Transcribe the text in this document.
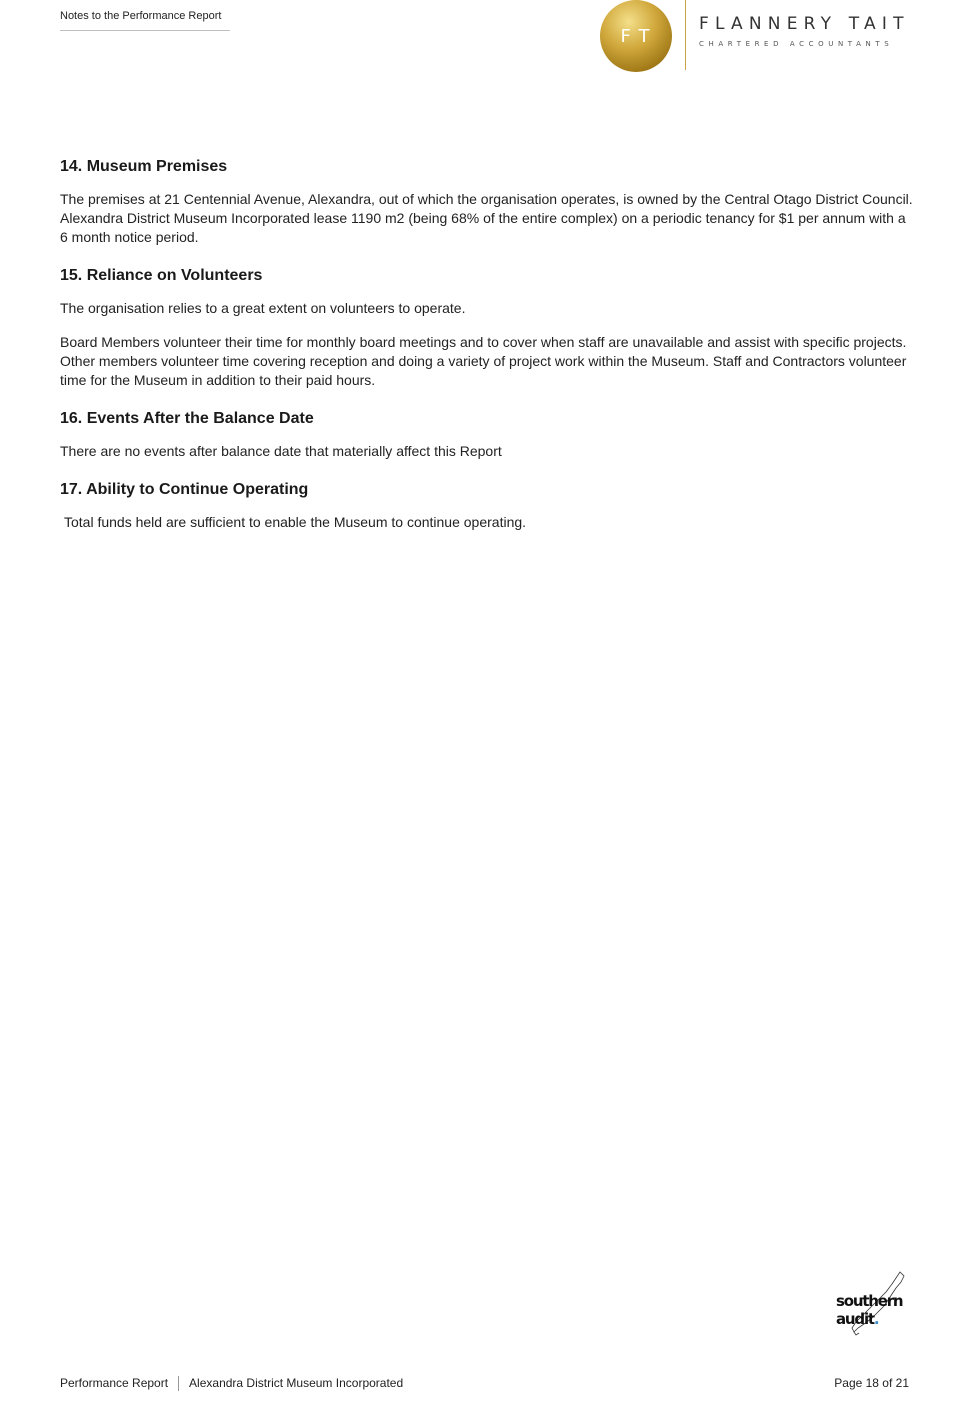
Notes to the Performance Report
FT
FLANNERY TAIT
CHARTERED ACCOUNTANTS
14. Museum Premises

The premises at 21 Centennial Avenue, Alexandra, out of which the organisation operates, is owned by the Central Otago District Council. Alexandra District Museum Incorporated lease 1190 m2 (being 68% of the entire complex) on a periodic tenancy for $1 per annum with a 6 month notice period.

15. Reliance on Volunteers

The organisation relies to a great extent on volunteers to operate.

Board Members volunteer their time for monthly board meetings and to cover when staff are unavailable and assist with specific projects. Other members volunteer time covering reception and doing a variety of project work within the Museum. Staff and Contractors volunteer time for the Museum in addition to their paid hours.

16. Events After the Balance Date

There are no events after balance date that materially affect this Report

17. Ability to Continue Operating

Total funds held are sufficient to enable the Museum to continue operating.

southern audit.
Performance Report Alexandra District Museum Incorporated	Page 18 of 21
